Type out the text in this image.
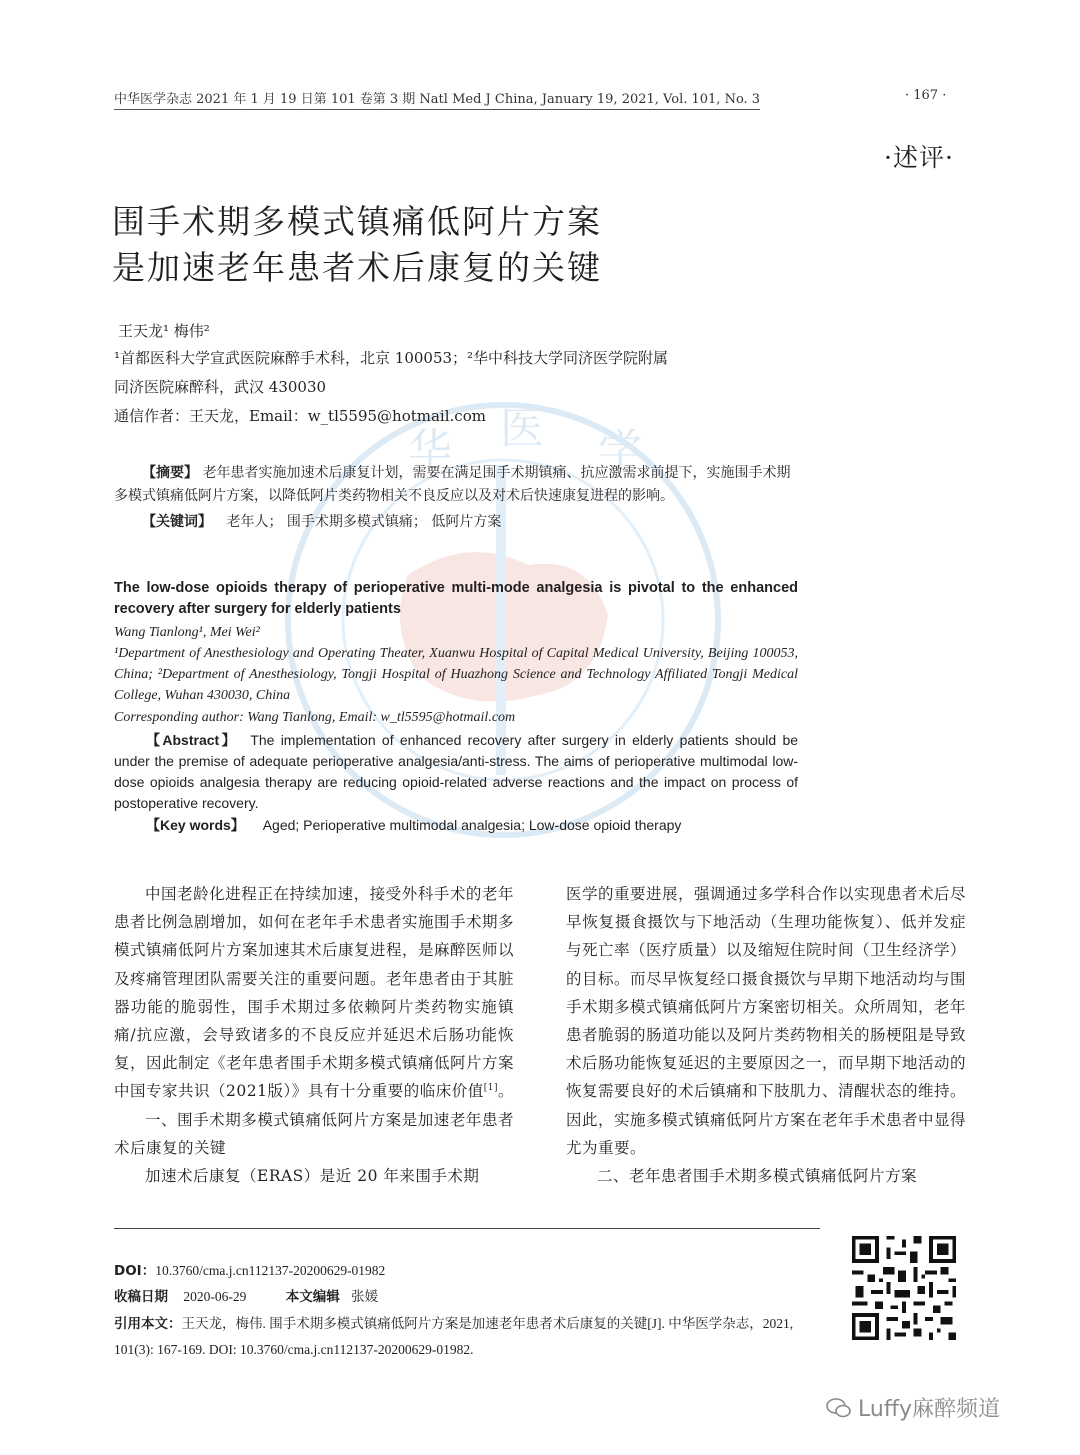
华 医 学
中华医学杂志 2021 年 1 月 19 日第 101 卷第 3 期 Natl Med J China, January 19, 2021, Vol. 101, No. 3	· 167 ·
·述评·
围手术期多模式镇痛低阿片方案
是加速老年患者术后康复的关键
王天龙¹ 梅伟²
¹首都医科大学宣武医院麻醉手术科，北京 100053；²华中科技大学同济医学院附属
同济医院麻醉科，武汉 430030
通信作者：王天龙，Email：w_tl5595@hotmail.com
【摘要】 老年患者实施加速术后康复计划，需要在满足围手术期镇痛、抗应激需求前提下，实施围手术期多模式镇痛低阿片方案，以降低阿片类药物相关不良反应以及对术后快速康复进程的影响。
【关键词】 老年人； 围手术期多模式镇痛； 低阿片方案
The low-dose opioids therapy of perioperative multi-mode analgesia is pivotal to the enhanced recovery after surgery for elderly patients
Wang Tianlong¹, Mei Wei²
¹Department of Anesthesiology and Operating Theater, Xuanwu Hospital of Capital Medical University, Beijing 100053, China; ²Department of Anesthesiology, Tongji Hospital of Huazhong Science and Technology Affiliated Tongji Medical College, Wuhan 430030, China
Corresponding author: Wang Tianlong, Email: w_tl5595@hotmail.com
【Abstract】 The implementation of enhanced recovery after surgery in elderly patients should be under the premise of adequate perioperative analgesia/anti-stress. The aims of perioperative multimodal low-dose opioids analgesia therapy are reducing opioid-related adverse reactions and the impact on process of postoperative recovery.
【Key words】 Aged; Perioperative multimodal analgesia; Low-dose opioid therapy

中国老龄化进程正在持续加速，接受外科手术的老年患者比例急剧增加，如何在老年手术患者实施围手术期多模式镇痛低阿片方案加速其术后康复进程，是麻醉医师以及疼痛管理团队需要关注的重要问题。老年患者由于其脏器功能的脆弱性，围手术期过多依赖阿片类药物实施镇痛/抗应激，会导致诸多的不良反应并延迟术后肠功能恢复，因此制定《老年患者围手术期多模式镇痛低阿片方案中国专家共识（2021版）》具有十分重要的临床价值[1]。

一、围手术期多模式镇痛低阿片方案是加速老年患者术后康复的关键

加速术后康复（ERAS）是近 20 年来围手术期

医学的重要进展，强调通过多学科合作以实现患者术后尽早恢复摄食摄饮与下地活动（生理功能恢复）、低并发症与死亡率（医疗质量）以及缩短住院时间（卫生经济学）的目标。而尽早恢复经口摄食摄饮与早期下地活动均与围手术期多模式镇痛低阿片方案密切相关。众所周知，老年患者脆弱的肠道功能以及阿片类药物相关的肠梗阻是导致术后肠功能恢复延迟的主要原因之一，而早期下地活动的恢复需要良好的术后镇痛和下肢肌力、清醒状态的维持。因此，实施多模式镇痛低阿片方案在老年手术患者中显得尤为重要。

二、老年患者围手术期多模式镇痛低阿片方案

DOI：10.3760/cma.j.cn112137-20200629-01982
收稿日期 2020-06-29	本文编辑 张媛
引用本文：王天龙，梅伟. 围手术期多模式镇痛低阿片方案是加速老年患者术后康复的关键[J]. 中华医学杂志，2021, 101(3): 167-169. DOI: 10.3760/cma.j.cn112137-20200629-01982.
Luffy麻醉频道
